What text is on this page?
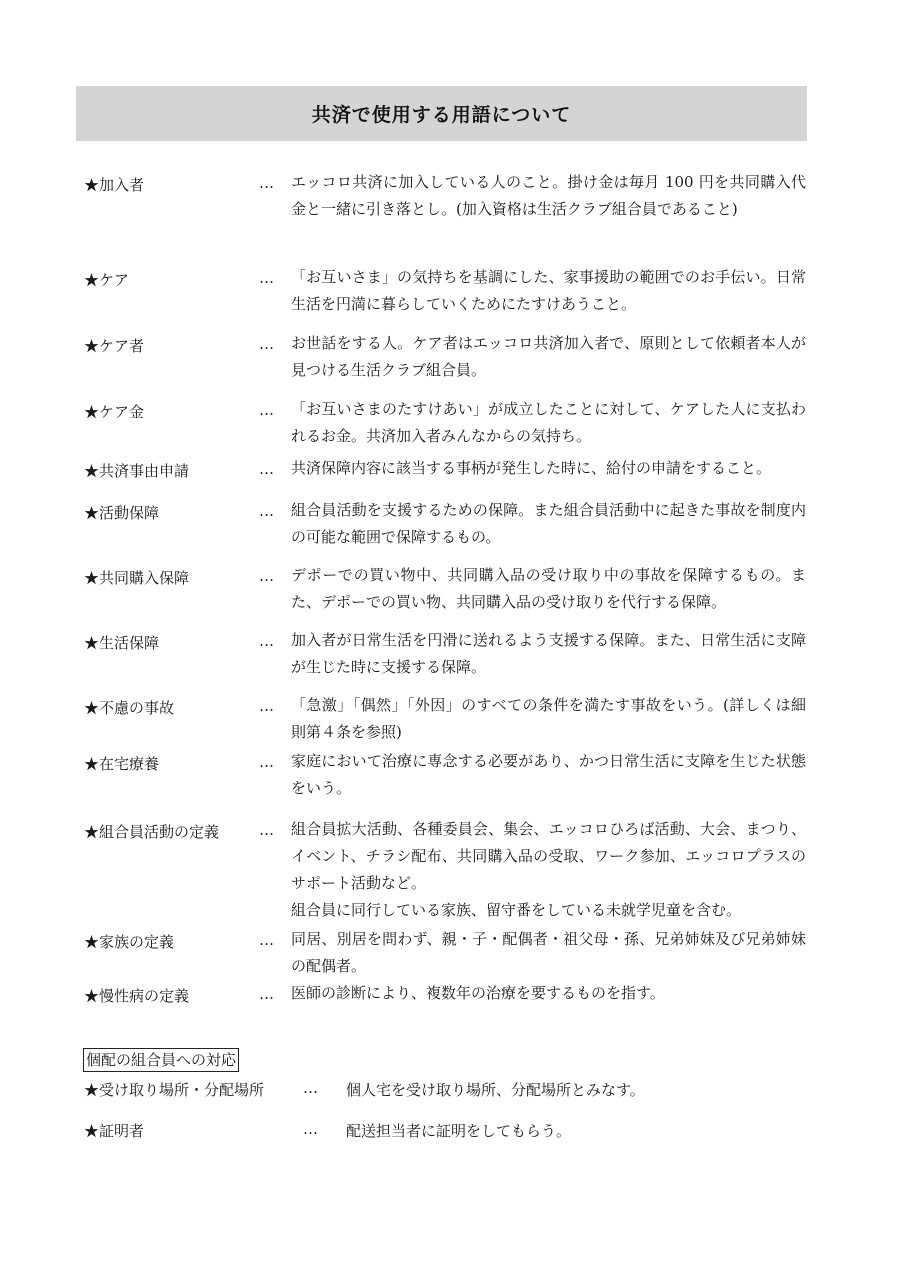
共済で使用する用語について
★加入者	… エッコロ共済に加入している人のこと。掛け金は毎月 100 円を共同購入代金と一緒に引き落とし。(加入資格は生活クラブ組合員であること)

★ケア	… 「お互いさま」の気持ちを基調にした、家事援助の範囲でのお手伝い。日常生活を円満に暮らしていくためにたすけあうこと。

★ケア者	… お世話をする人。ケア者はエッコロ共済加入者で、原則として依頼者本人が見つける生活クラブ組合員。

★ケア金	… 「お互いさまのたすけあい」が成立したことに対して、ケアした人に支払われるお金。共済加入者みんなからの気持ち。

★共済事由申請	… 共済保障内容に該当する事柄が発生した時に、給付の申請をすること。

★活動保障	… 組合員活動を支援するための保障。また組合員活動中に起きた事故を制度内の可能な範囲で保障するもの。

★共同購入保障	… デポーでの買い物中、共同購入品の受け取り中の事故を保障するもの。また、デポーでの買い物、共同購入品の受け取りを代行する保障。

★生活保障	… 加入者が日常生活を円滑に送れるよう支援する保障。また、日常生活に支障が生じた時に支援する保障。

★不慮の事故	… 「急激」「偶然」「外因」のすべての条件を満たす事故をいう。(詳しくは細則第４条を参照)

★在宅療養	… 家庭において治療に専念する必要があり、かつ日常生活に支障を生じた状態をいう。

★組合員活動の定義	… 組合員拡大活動、各種委員会、集会、エッコロひろば活動、大会、まつり、イベント、チラシ配布、共同購入品の受取、ワーク参加、エッコロプラスのサポート活動など。

組合員に同行している家族、留守番をしている未就学児童を含む。

★家族の定義	… 同居、別居を問わず、親・子・配偶者・祖父母・孫、兄弟姉妹及び兄弟姉妹の配偶者。

★慢性病の定義	… 医師の診断により、複数年の治療を要するものを指す。

個配の組合員への対応
★受け取り場所・分配場所	… 個人宅を受け取り場所、分配場所とみなす。
★証明者	… 配送担当者に証明をしてもらう。
